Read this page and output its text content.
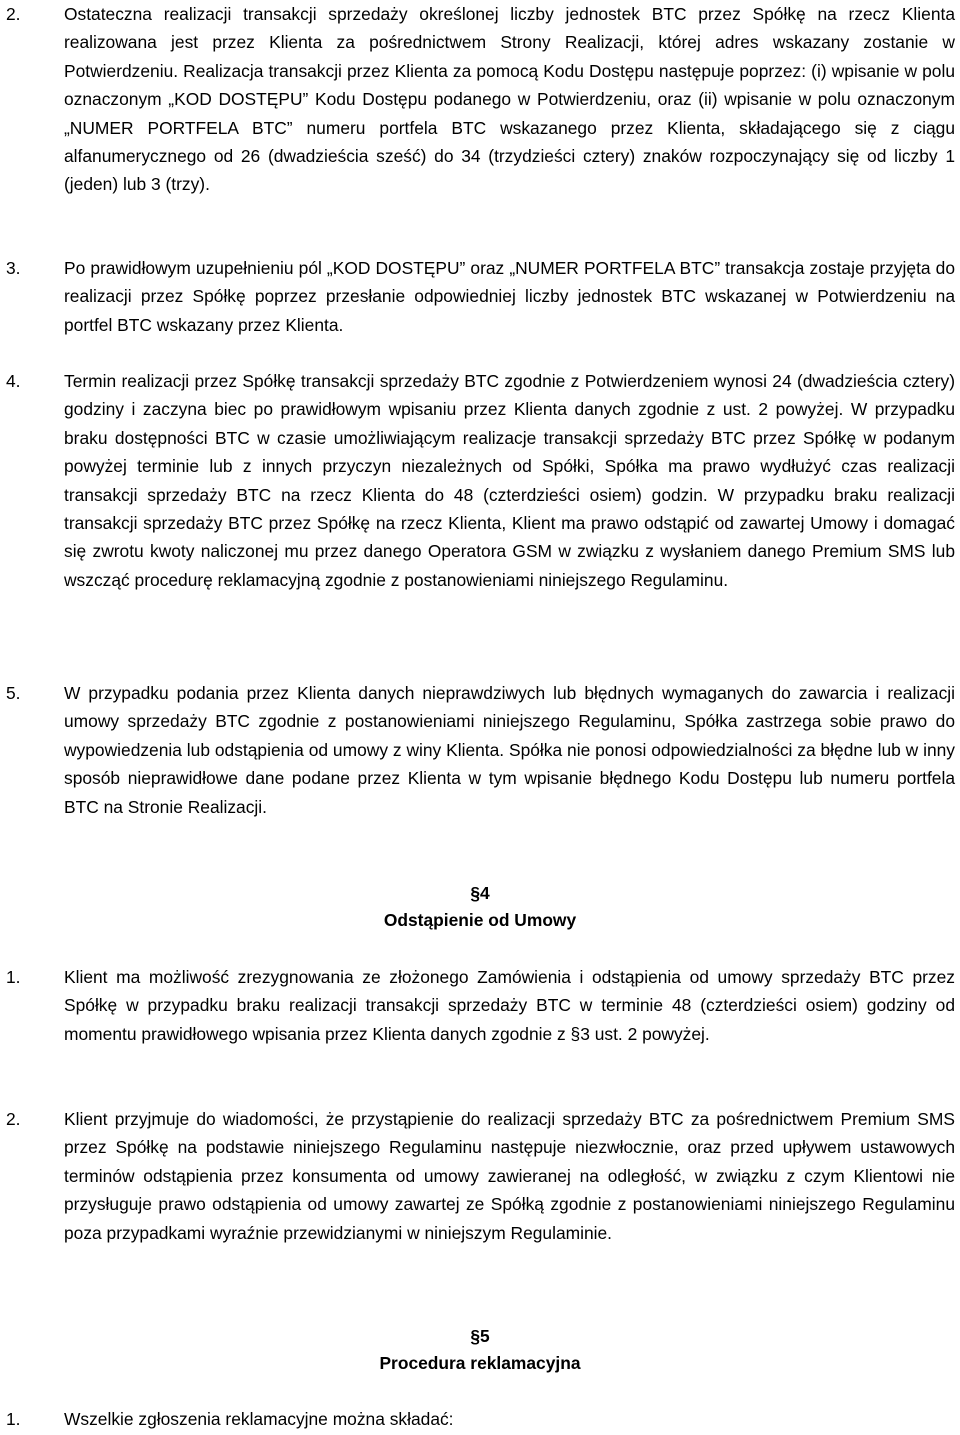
2. Ostateczna realizacji transakcji sprzedaży określonej liczby jednostek BTC przez Spółkę na rzecz Klienta realizowana jest przez Klienta za pośrednictwem Strony Realizacji, której adres wskazany zostanie w Potwierdzeniu. Realizacja transakcji przez Klienta za pomocą Kodu Dostępu następuje poprzez: (i) wpisanie w polu oznaczonym „KOD DOSTĘPU” Kodu Dostępu podanego w Potwierdzeniu, oraz (ii) wpisanie w polu oznaczonym „NUMER PORTFELA BTC” numeru portfela BTC wskazanego przez Klienta, składającego się z ciągu alfanumerycznego od 26 (dwadzieścia sześć) do 34 (trzydzieści cztery) znaków rozpoczynający się od liczby 1 (jeden) lub 3 (trzy).
3. Po prawidłowym uzupełnieniu pól „KOD DOSTĘPU” oraz „NUMER PORTFELA BTC” transakcja zostaje przyjęta do realizacji przez Spółkę poprzez przesłanie odpowiedniej liczby jednostek BTC wskazanej w Potwierdzeniu na portfel BTC wskazany przez Klienta.
4. Termin realizacji przez Spółkę transakcji sprzedaży BTC zgodnie z Potwierdzeniem wynosi 24 (dwadzieścia cztery) godziny i zaczyna biec po prawidłowym wpisaniu przez Klienta danych zgodnie z ust. 2 powyżej. W przypadku braku dostępności BTC w czasie umożliwiającym realizacje transakcji sprzedaży BTC przez Spółkę w podanym powyżej terminie lub z innych przyczyn niezależnych od Spółki, Spółka ma prawo wydłużyć czas realizacji transakcji sprzedaży BTC na rzecz Klienta do 48 (czterdzieści osiem) godzin. W przypadku braku realizacji transakcji sprzedaży BTC przez Spółkę na rzecz Klienta, Klient ma prawo odstąpić od zawartej Umowy i domagać się zwrotu kwoty naliczonej mu przez danego Operatora GSM w związku z wysłaniem danego Premium SMS lub wszcząć procedurę reklamacyjną zgodnie z postanowieniami niniejszego Regulaminu.
5. W przypadku podania przez Klienta danych nieprawdziwych lub błędnych wymaganych do zawarcia i realizacji umowy sprzedaży BTC zgodnie z postanowieniami niniejszego Regulaminu, Spółka zastrzega sobie prawo do wypowiedzenia lub odstąpienia od umowy z winy Klienta. Spółka nie ponosi odpowiedzialności za błędne lub w inny sposób nieprawidłowe dane podane przez Klienta w tym wpisanie błędnego Kodu Dostępu lub numeru portfela BTC na Stronie Realizacji.
§4
Odstąpienie od Umowy
1. Klient ma możliwość zrezygnowania ze złożonego Zamówienia i odstąpienia od umowy sprzedaży BTC przez Spółkę w przypadku braku realizacji transakcji sprzedaży BTC w terminie 48 (czterdzieści osiem) godziny od momentu prawidłowego wpisania przez Klienta danych zgodnie z §3 ust. 2 powyżej.
2. Klient przyjmuje do wiadomości, że przystąpienie do realizacji sprzedaży BTC za pośrednictwem Premium SMS przez Spółkę na podstawie niniejszego Regulaminu następuje niezwłocznie, oraz przed upływem ustawowych terminów odstąpienia przez konsumenta od umowy zawieranej na odległość, w związku z czym Klientowi nie przysługuje prawo odstąpienia od umowy zawartej ze Spółką zgodnie z postanowieniami niniejszego Regulaminu poza przypadkami wyraźnie przewidzianymi w niniejszym Regulaminie.
§5
Procedura reklamacyjna
1. Wszelkie zgłoszenia reklamacyjne można składać:
